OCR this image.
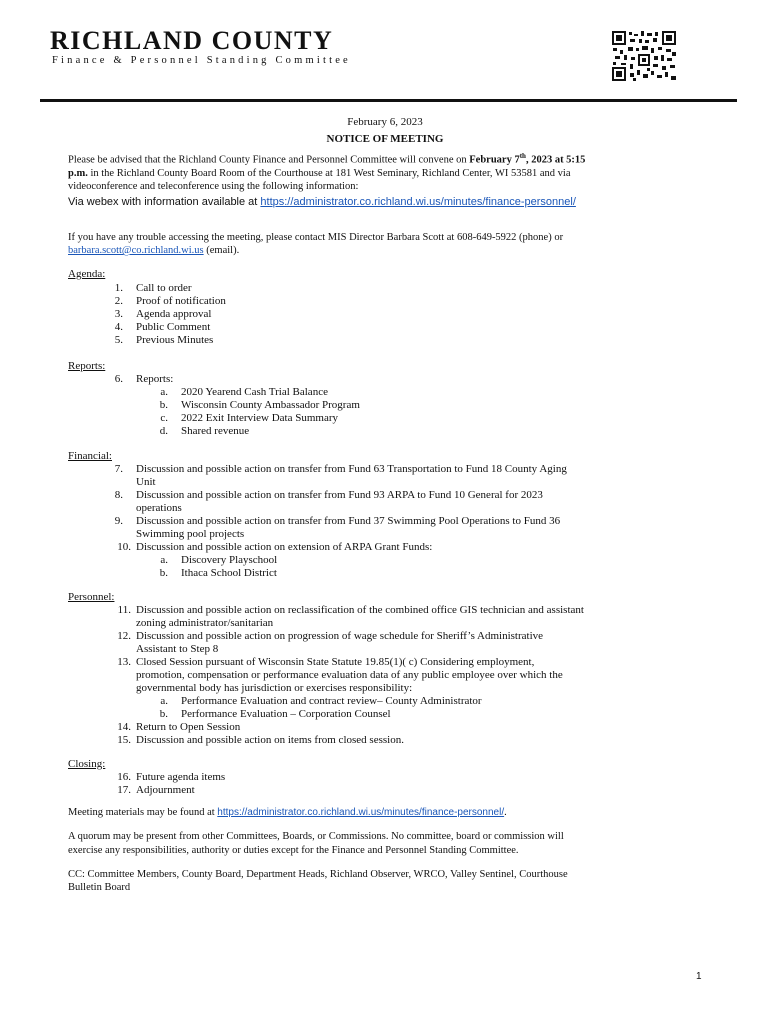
RICHLAND COUNTY
Finance & Personnel Standing Committee
February 6, 2023
NOTICE OF MEETING
Please be advised that the Richland County Finance and Personnel Committee will convene on February 7th, 2023 at 5:15
p.m. in the Richland County Board Room of the Courthouse at 181 West Seminary, Richland Center, WI 53581 and via
videoconference and teleconference using the following information:
Via webex with information available at https://administrator.co.richland.wi.us/minutes/finance-personnel/
If you have any trouble accessing the meeting, please contact MIS Director Barbara Scott at 608-649-5922 (phone) or
barbara.scott@co.richland.wi.us (email).
Agenda:
1. Call to order
2. Proof of notification
3. Agenda approval
4. Public Comment
5. Previous Minutes
Reports:
6. Reports:
a. 2020 Yearend Cash Trial Balance
b. Wisconsin County Ambassador Program
c. 2022 Exit Interview Data Summary
d. Shared revenue
Financial:
7. Discussion and possible action on transfer from Fund 63 Transportation to Fund 18 County Aging
Unit
8. Discussion and possible action on transfer from Fund 93 ARPA to Fund 10 General for 2023
operations
9. Discussion and possible action on transfer from Fund 37 Swimming Pool Operations to Fund 36
Swimming pool projects
10. Discussion and possible action on extension of ARPA Grant Funds:
a. Discovery Playschool
b. Ithaca School District
Personnel:
11. Discussion and possible action on reclassification of the combined office GIS technician and assistant
zoning administrator/sanitarian
12. Discussion and possible action on progression of wage schedule for Sheriff’s Administrative
Assistant to Step 8
13. Closed Session pursuant of Wisconsin State Statute 19.85(1)( c) Considering employment,
promotion, compensation or performance evaluation data of any public employee over which the
governmental body has jurisdiction or exercises responsibility:
a. Performance Evaluation and contract review– County Administrator
b. Performance Evaluation – Corporation Counsel
14. Return to Open Session
15. Discussion and possible action on items from closed session.
Closing:
16. Future agenda items
17. Adjournment
Meeting materials may be found at https://administrator.co.richland.wi.us/minutes/finance-personnel/.
A quorum may be present from other Committees, Boards, or Commissions. No committee, board or commission will
exercise any responsibilities, authority or duties except for the Finance and Personnel Standing Committee.
CC: Committee Members, County Board, Department Heads, Richland Observer, WRCO, Valley Sentinel, Courthouse
Bulletin Board
1
